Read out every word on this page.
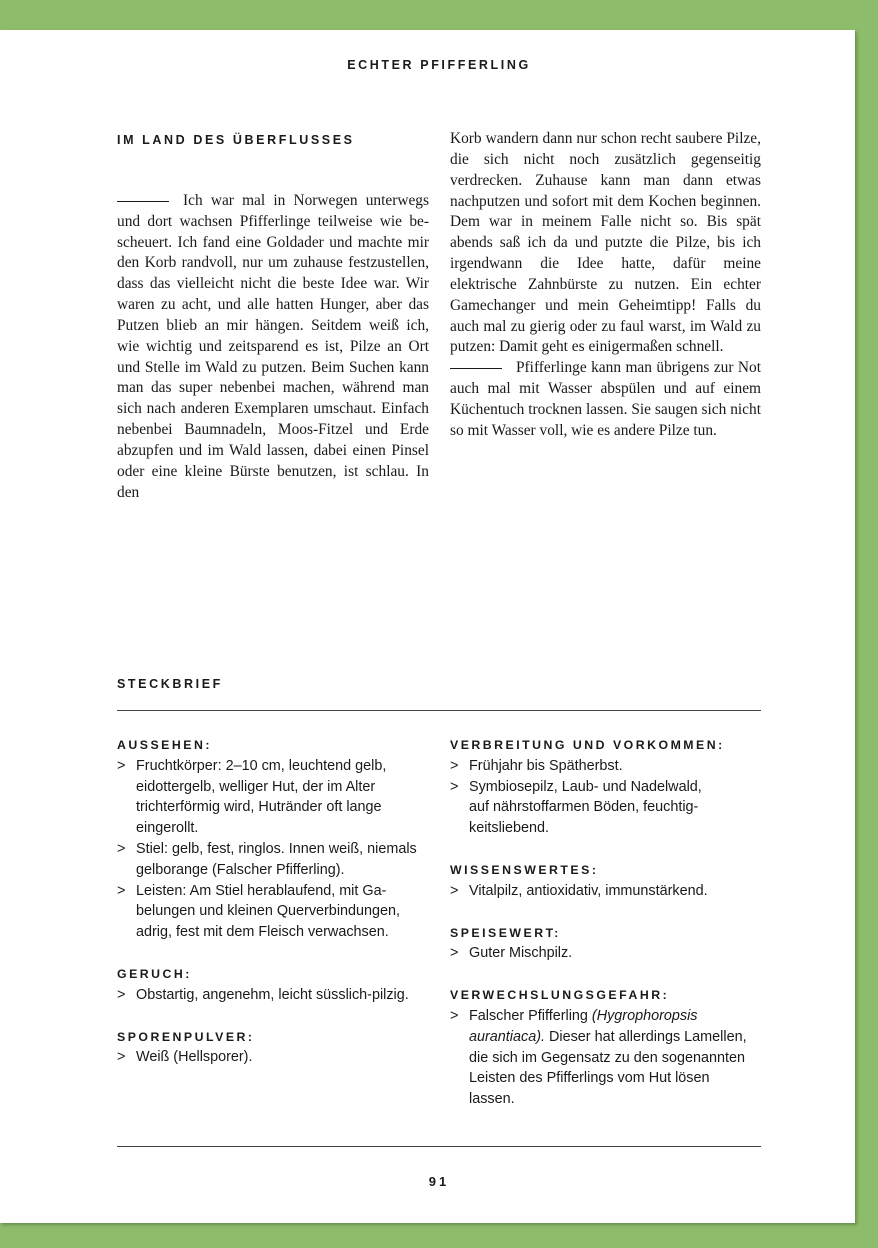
ECHTER PFIFFERLING
IM LAND DES ÜBERFLUSSES

Ich war mal in Norwegen unterwegs und dort wachsen Pfifferlinge teilweise wie bescheuert. Ich fand eine Goldader und machte mir den Korb randvoll, nur um zuhause festzustellen, dass das vielleicht nicht die beste Idee war. Wir waren zu acht, und alle hatten Hunger, aber das Putzen blieb an mir hängen. Seitdem weiß ich, wie wichtig und zeitsparend es ist, Pilze an Ort und Stelle im Wald zu putzen. Beim Suchen kann man das super nebenbei machen, während man sich nach anderen Exemplaren umschaut. Einfach nebenbei Baumnadeln, Moos-Fitzel und Erde abzupfen und im Wald lassen, dabei einen Pinsel oder eine kleine Bürste benutzen, ist schlau. In den

Korb wandern dann nur schon recht saubere Pilze, die sich nicht noch zusätzlich gegenseitig verdrecken. Zuhause kann man dann etwas nachputzen und sofort mit dem Kochen beginnen. Dem war in meinem Falle nicht so. Bis spät abends saß ich da und putzte die Pilze, bis ich irgendwann die Idee hatte, dafür meine elektrische Zahnbürste zu nutzen. Ein echter Gamechanger und mein Geheimtipp! Falls du auch mal zu gierig oder zu faul warst, im Wald zu putzen: Damit geht es einigermaßen schnell.

Pfifferlinge kann man übrigens zur Not auch mal mit Wasser abspülen und auf einem Küchentuch trocknen lassen. Sie saugen sich nicht so mit Wasser voll, wie es andere Pilze tun.

STECKBRIEF
AUSSEHEN:
> Fruchtkörper: 2–10 cm, leuchtend gelb, eidottergelb, welliger Hut, der im Alter trichterförmig wird, Hutränder oft lange eingerollt.
> Stiel: gelb, fest, ringlos. Innen weiß, niemals gelborange (Falscher Pfifferling).
> Leisten: Am Stiel herablaufend, mit Gabelungen und kleinen Querverbindungen, adrig, fest mit dem Fleisch verwachsen.
GERUCH:
> Obstartig, angenehm, leicht süsslich-pilzig.
SPORENPULVER:
> Weiß (Hellsporer).
VERBREITUNG UND VORKOMMEN:
> Frühjahr bis Spätherbst.
> Symbiosepilz, Laub- und Nadelwald, auf nährstoffarmen Böden, feuchtigkeitsliebend.
WISSENSWERTES:
> Vitalpilz, antioxidativ, immunstärkend.
SPEISEWERT:
> Guter Mischpilz.
VERWECHSLUNGSGEFAHR:
> Falscher Pfifferling (Hygrophoropsis aurantiaca). Dieser hat allerdings Lamellen, die sich im Gegensatz zu den sogenannten Leisten des Pfifferlings vom Hut lösen lassen.
91
